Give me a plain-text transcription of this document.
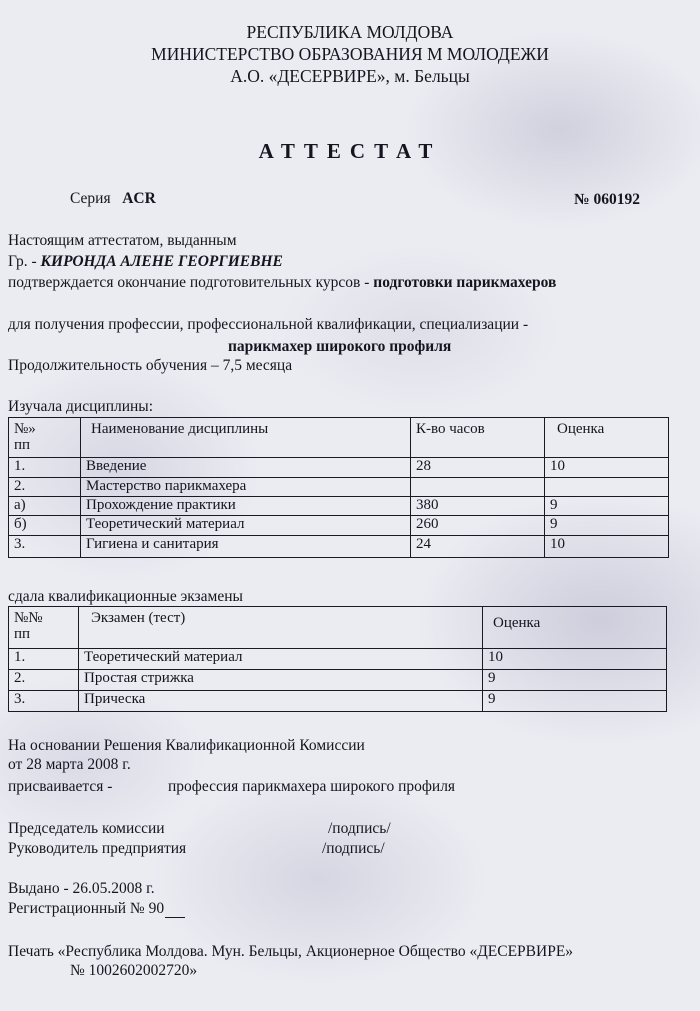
РЕСПУБЛИКА МОЛДОВА
МИНИСТЕРСТВО ОБРАЗОВАНИЯ М МОЛОДЕЖИ
А.О. «ДЕСЕРВИРЕ», м. Бельцы
АТТЕСТАТ
Серия ACR	№ 060192
Настоящим аттестатом, выданным
Гр. - КИРОНДА АЛЕНЕ ГЕОРГИЕВНЕ
подтверждается окончание подготовительных курсов - подготовки парикмахеров
для получения профессии, профессиональной квалификации, специализации -
парикмахер широкого профиля
Продолжительность обучения – 7,5 месяца
Изучала дисциплины:
№»
пп	Наименование дисциплины	К-во часов	Оценка
1.	Введение	28	10
2.	Мастерство парикмахера		
а)	Прохождение практики	380	9
б)	Теоретический материал	260	9
3.	Гигиена и санитария	24	10
сдала квалификационные экзамены
№№
пп	Экзамен (тест)	Оценка
1.	Теоретический материал	10
2.	Простая стрижка	9
3.	Прическа	9
На основании Решения Квалификационной Комиссии
от 28 марта 2008 г.
присваивается -	профессия парикмахера широкого профиля
Председатель комиссии	/подпись/
Руководитель предприятия	/подпись/
Выдано - 26.05.2008 г.
Регистрационный № 90
Печать «Республика Молдова. Мун. Бельцы, Акционерное Общество «ДЕСЕРВИРЕ»
№ 1002602002720»
